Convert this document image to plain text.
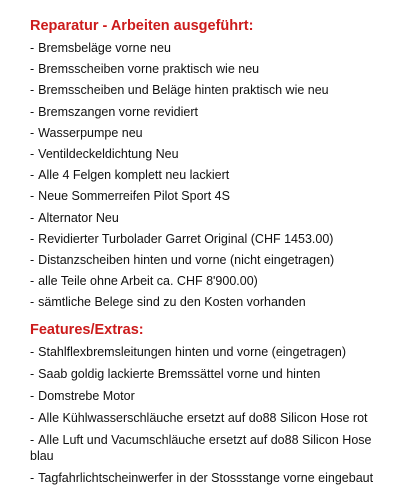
Reparatur - Arbeiten ausgeführt:
- Bremsbeläge vorne neu
- Bremsscheiben vorne praktisch wie neu
- Bremsscheiben und Beläge hinten praktisch wie neu
- Bremszangen vorne revidiert
- Wasserpumpe neu
- Ventildeckeldichtung Neu
- Alle 4 Felgen komplett neu lackiert
- Neue Sommerreifen Pilot Sport 4S
- Alternator Neu
- Revidierter Turbolader Garret Original (CHF 1453.00)
- Distanzscheiben hinten und vorne (nicht eingetragen)
- alle Teile ohne Arbeit ca. CHF 8'900.00)
- sämtliche Belege sind zu den Kosten vorhanden
Features/Extras:
- Stahlflexbremsleitungen hinten und vorne (eingetragen)
- Saab goldig lackierte Bremssättel vorne und hinten
- Domstrebe Motor
- Alle Kühlwasserschläuche ersetzt auf do88 Silicon Hose rot
- Alle Luft und Vacumschläuche ersetzt auf do88 Silicon Hose blau
- Tagfahrlichtscheinwerfer in der Stossstange vorne eingebaut
